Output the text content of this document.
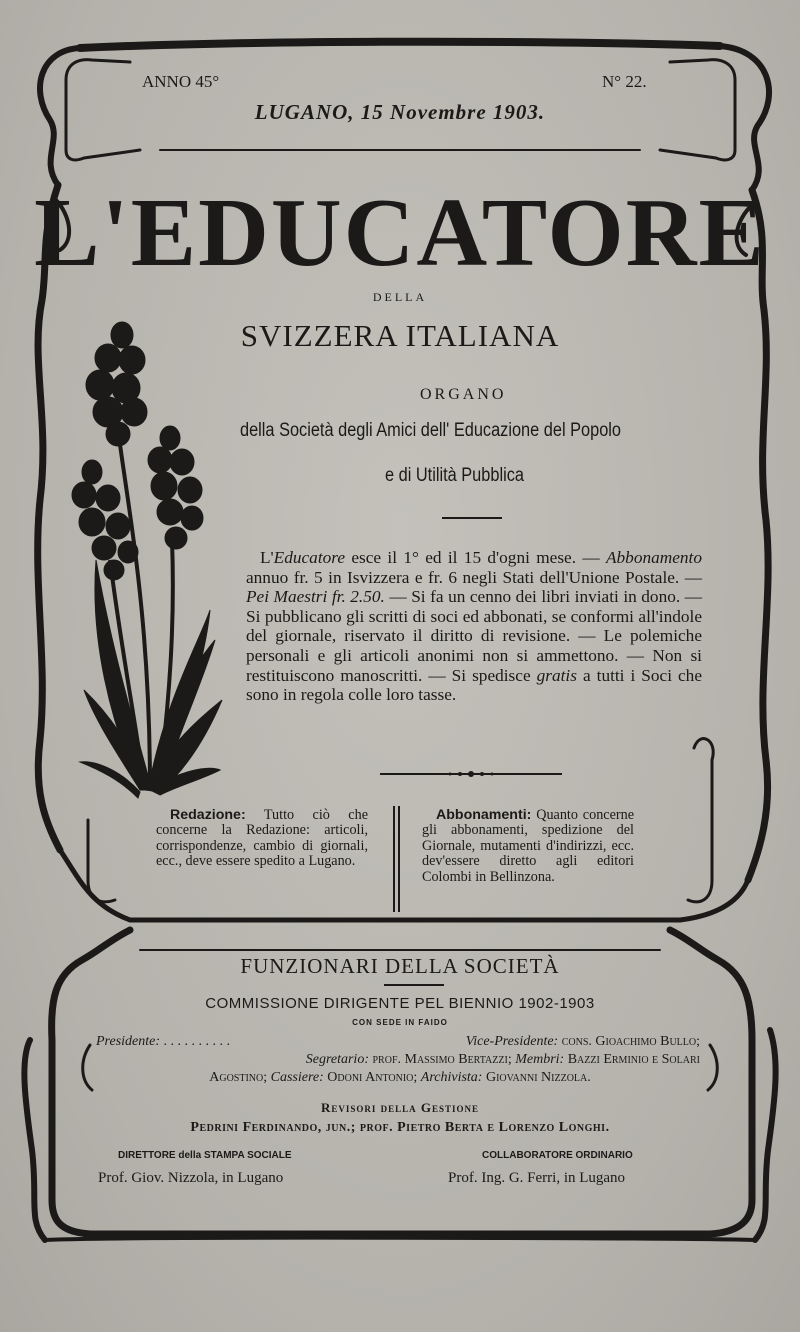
ANNO 45°	N° 22.
LUGANO, 15 Novembre 1903.
L'EDUCATORE
DELLA
SVIZZERA ITALIANA
ORGANO
della Società degli Amici dell' Educazione del Popolo
e di Utilità Pubblica
L'Educatore esce il 1° ed il 15 d'ogni mese. — Abbonamento annuo fr. 5 in Isvizzera e fr. 6 negli Stati dell'Unione Postale. — Pei Maestri fr. 2.50. — Si fa un cenno dei libri inviati in dono. — Si pubblicano gli scritti di soci ed abbonati, se conformi all'indole del giornale, riservato il diritto di revisione. — Le polemiche personali e gli articoli anonimi non si ammettono. — Non si restituiscono manoscritti. — Si spedisce gratis a tutti i Soci che sono in regola colle loro tasse.
Redazione: Tutto ciò che concerne la Redazione: articoli, corrispondenze, cambio di giornali, ecc., deve essere spedito a Lugano.
Abbonamenti: Quanto concerne gli abbonamenti, spedizione del Giornale, mutamenti d'indirizzi, ecc. dev'essere diretto agli editori Colombi in Bellinzona.
FUNZIONARI DELLA SOCIETÀ
COMMISSIONE DIRIGENTE PEL BIENNIO 1902-1903
CON SEDE IN FAIDO
Presidente: . . . . . . . . . .	Vice-Presidente: cons. Gioachimo Bullo;
Segretario: prof. Massimo Bertazzi; Membri: Bazzi Erminio e Solari
Agostino; Cassiere: Odoni Antonio; Archivista: Giovanni Nizzola.
Revisori della Gestione
Pedrini Ferdinando, jun.; prof. Pietro Berta e Lorenzo Longhi.
DIRETTORE della STAMPA SOCIALE
Prof. Giov. Nizzola, in Lugano
COLLABORATORE ORDINARIO
Prof. Ing. G. Ferri, in Lugano
